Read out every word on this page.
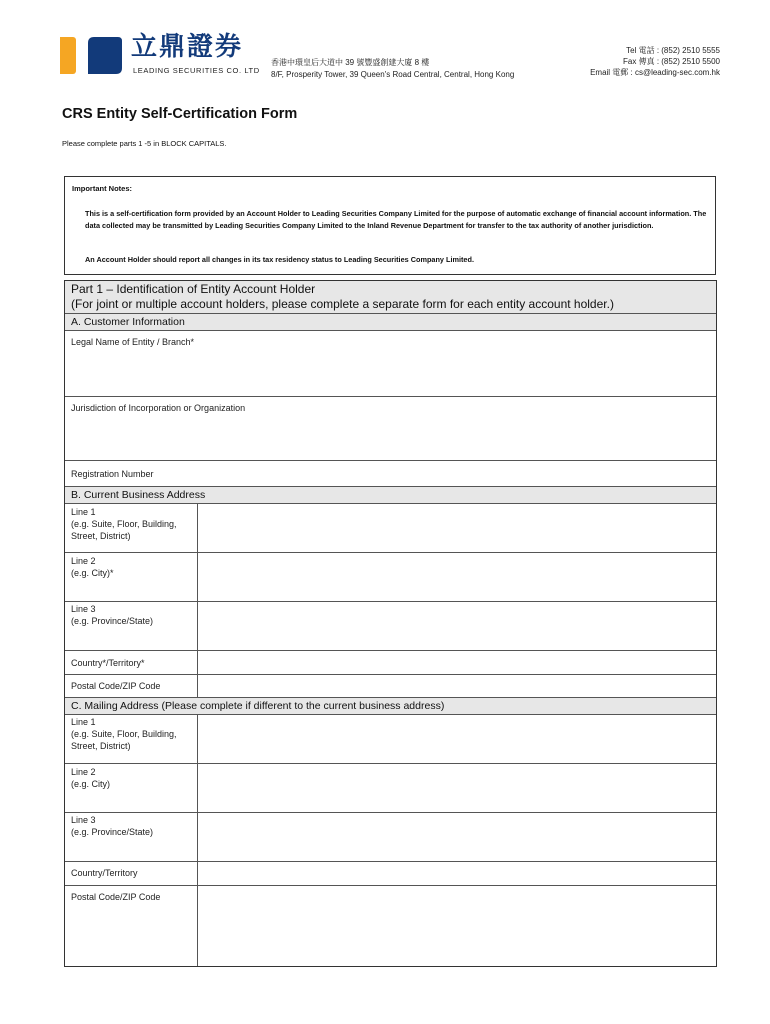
立鼎證券
LEADING SECURITIES CO. LTD
香港中環皇后大道中 39 號豐盛創建大廈 8 樓
8/F, Prosperity Tower, 39 Queen's Road Central, Central, Hong Kong
Tel 電話 : (852) 2510 5555
Fax 傳真 : (852) 2510 5500
Email 電郵 : cs@leading-sec.com.hk
CRS Entity Self-Certification Form
Please complete parts 1 -5 in BLOCK CAPITALS.
Important Notes:
This is a self-certification form provided by an Account Holder to Leading Securities Company Limited for the purpose of automatic exchange of financial account information. The data collected may be transmitted by Leading Securities Company Limited to the Inland Revenue Department for transfer to the tax authority of another jurisdiction.
An Account Holder should report all changes in its tax residency status to Leading Securities Company Limited.
Part 1 – Identification of Entity Account Holder
(For joint or multiple account holders, please complete a separate form for each entity account holder.)
A. Customer Information
Legal Name of Entity / Branch*
Jurisdiction of Incorporation or Organization
Registration Number
B. Current Business Address
Line 1
(e.g. Suite, Floor, Building,
Street, District)
Line 2
(e.g. City)*
Line 3
(e.g. Province/State)
Country*/Territory*
Postal Code/ZIP Code
C. Mailing Address (Please complete if different to the current business address)
Line 1
(e.g. Suite, Floor, Building,
Street, District)
Line 2
(e.g. City)
Line 3
(e.g. Province/State)
Country/Territory
Postal Code/ZIP Code
